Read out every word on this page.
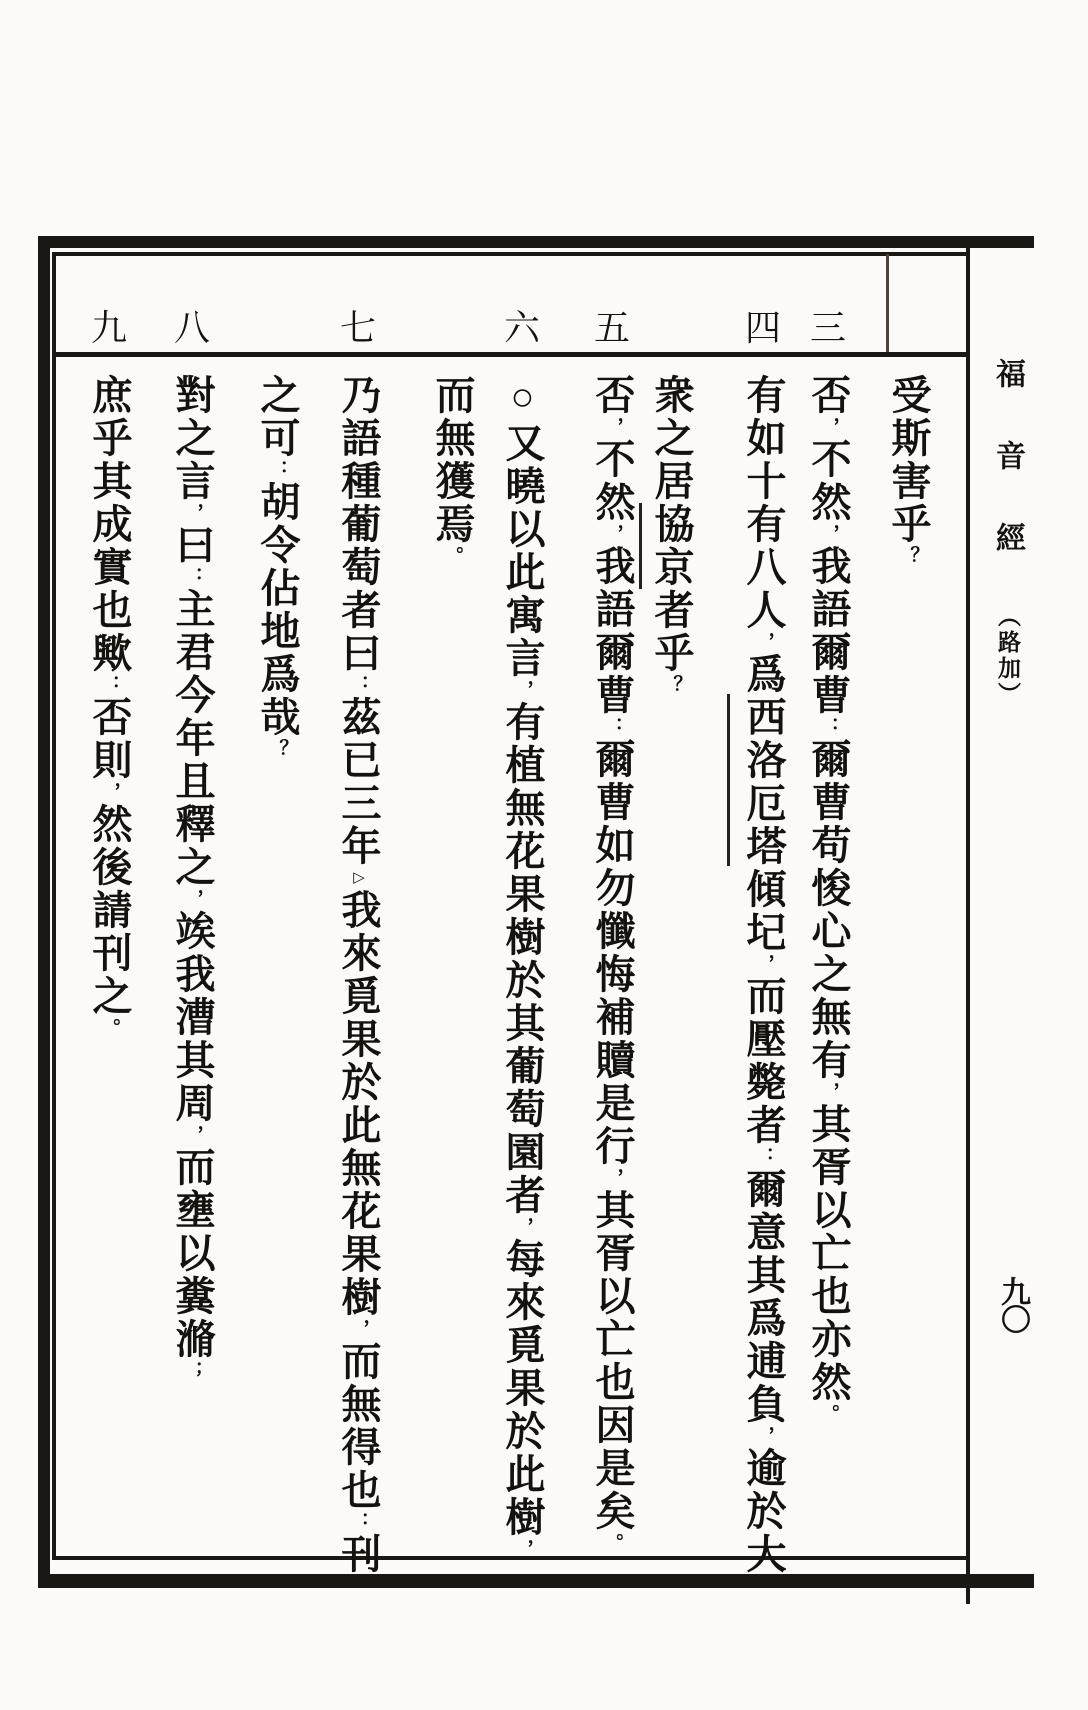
三
四
五
六
七
八
九
受斯害乎？
否，不然，我語爾曹：爾曹苟悛心之無有，其胥以亡也亦然。
有如十有八人，爲西洛厄塔傾圮，而壓斃者：爾意其爲逋負，逾於大
衆之居協京者乎？
否，不然，我語爾曹：爾曹如勿懺悔補贖是行，其胥以亡也因是矣。
○又曉以此寓言，有植無花果樹於其葡萄園者，每來覓果於此樹，
而無獲焉。
乃語種葡萄者曰：茲已三年▷我來覓果於此無花果樹，而無得也：刊
之可：胡令佔地爲哉？
對之言，曰：主君今年且釋之，竢我漕其周，而壅以糞滫；
庶乎其成實也歟：否則，然後請刊之。
福音經（路加）
九〇
